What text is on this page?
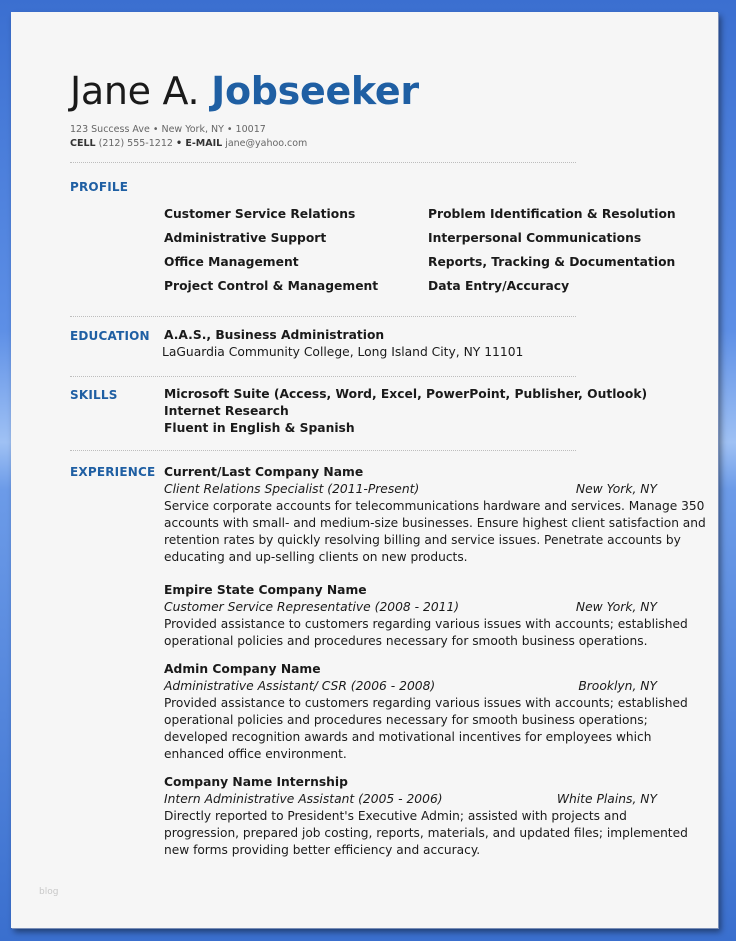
Jane A. Jobseeker
123 Success Ave • New York, NY • 10017
CELL (212) 555-1212 • E-MAIL jane@yahoo.com
PROFILE
Customer Service Relations	Problem Identification & Resolution
Administrative Support	Interpersonal Communications
Office Management	Reports, Tracking & Documentation
Project Control & Management	Data Entry/Accuracy
EDUCATION A.A.S., Business Administration
LaGuardia Community College, Long Island City, NY 11101
SKILLS	Microsoft Suite (Access, Word, Excel, PowerPoint, Publisher, Outlook)
Internet Research
Fluent in English & Spanish
EXPERIENCE Current/Last Company Name
Client Relations Specialist (2011-Present)	New York, NY
Service corporate accounts for telecommunications hardware and services. Manage 350
accounts with small- and medium-size businesses. Ensure highest client satisfaction and
retention rates by quickly resolving billing and service issues. Penetrate accounts by
educating and up-selling clients on new products.
Empire State Company Name
Customer Service Representative (2008 - 2011)	New York, NY
Provided assistance to customers regarding various issues with accounts; established
operational policies and procedures necessary for smooth business operations.
Admin Company Name
Administrative Assistant/ CSR (2006 - 2008)	Brooklyn, NY
Provided assistance to customers regarding various issues with accounts; established
operational policies and procedures necessary for smooth business operations;
developed recognition awards and motivational incentives for employees which
enhanced office environment.
Company Name Internship
Intern Administrative Assistant (2005 - 2006)	White Plains, NY
Directly reported to President's Executive Admin; assisted with projects and
progression, prepared job costing, reports, materials, and updated files; implemented
new forms providing better efficiency and accuracy.
blog
